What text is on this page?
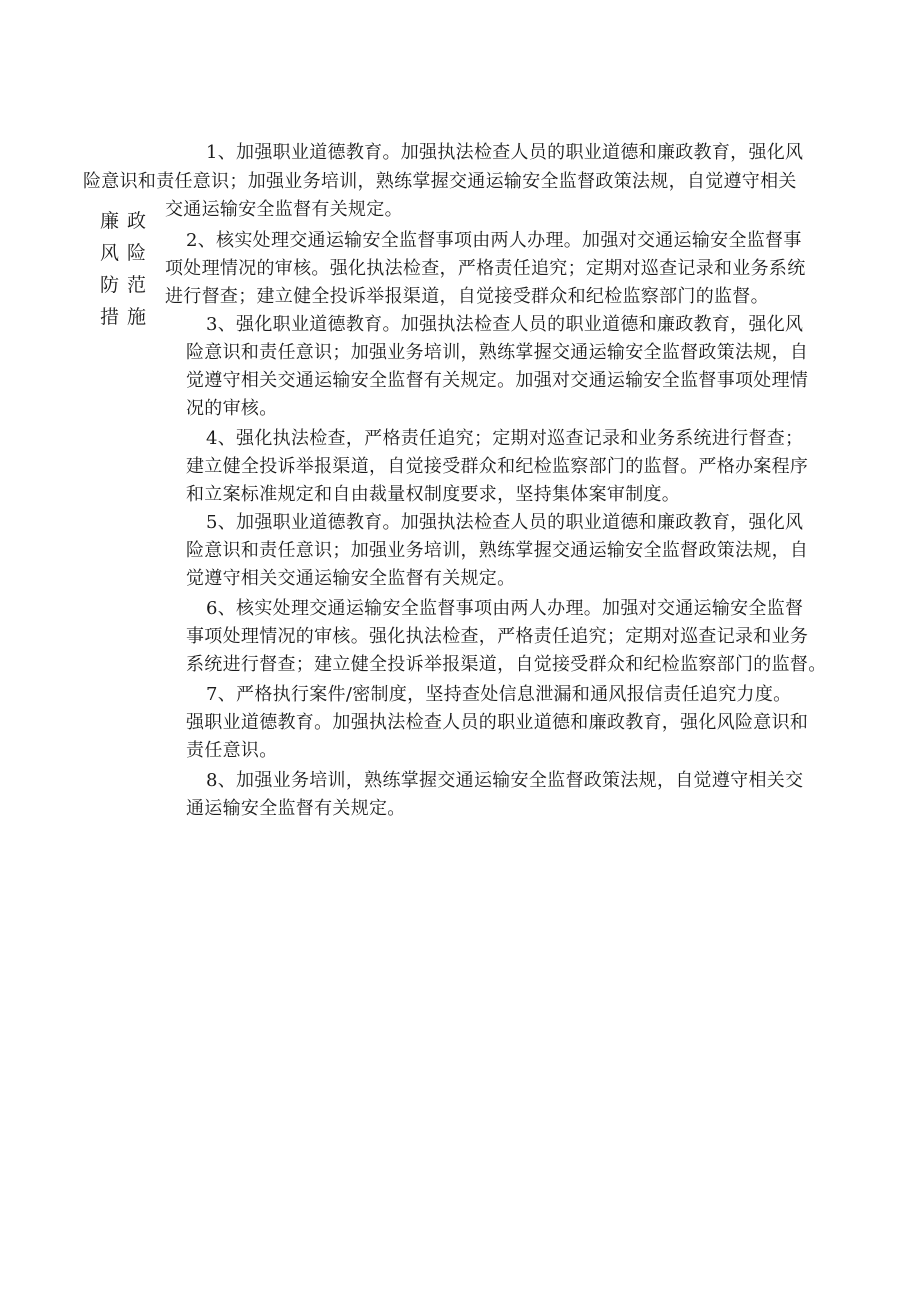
廉政
风险
防范
措施
1、加强职业道德教育。加强执法检查人员的职业道德和廉政教育，强化风
险意识和责任意识；加强业务培训，熟练掌握交通运输安全监督政策法规，自觉遵守相关
交通运输安全监督有关规定。
2、核实处理交通运输安全监督事项由两人办理。加强对交通运输安全监督事
项处理情况的审核。强化执法检查，严格责任追究；定期对巡查记录和业务系统
进行督查；建立健全投诉举报渠道，自觉接受群众和纪检监察部门的监督。
3、强化职业道德教育。加强执法检查人员的职业道德和廉政教育，强化风
险意识和责任意识；加强业务培训，熟练掌握交通运输安全监督政策法规，自
觉遵守相关交通运输安全监督有关规定。加强对交通运输安全监督事项处理情
况的审核。
4、强化执法检查，严格责任追究；定期对巡查记录和业务系统进行督查；
建立健全投诉举报渠道，自觉接受群众和纪检监察部门的监督。严格办案程序
和立案标准规定和自由裁量权制度要求，坚持集体案审制度。
5、加强职业道德教育。加强执法检查人员的职业道德和廉政教育，强化风
险意识和责任意识；加强业务培训，熟练掌握交通运输安全监督政策法规，自
觉遵守相关交通运输安全监督有关规定。
6、核实处理交通运输安全监督事项由两人办理。加强对交通运输安全监督
事项处理情况的审核。强化执法检查，严格责任追究；定期对巡查记录和业务
系统进行督查；建立健全投诉举报渠道，自觉接受群众和纪检监察部门的监督。
7、严格执行案件/密制度，坚持查处信息泄漏和通风报信责任追究力度。
强职业道德教育。加强执法检查人员的职业道德和廉政教育，强化风险意识和
责任意识。
8、加强业务培训，熟练掌握交通运输安全监督政策法规，自觉遵守相关交
通运输安全监督有关规定。
